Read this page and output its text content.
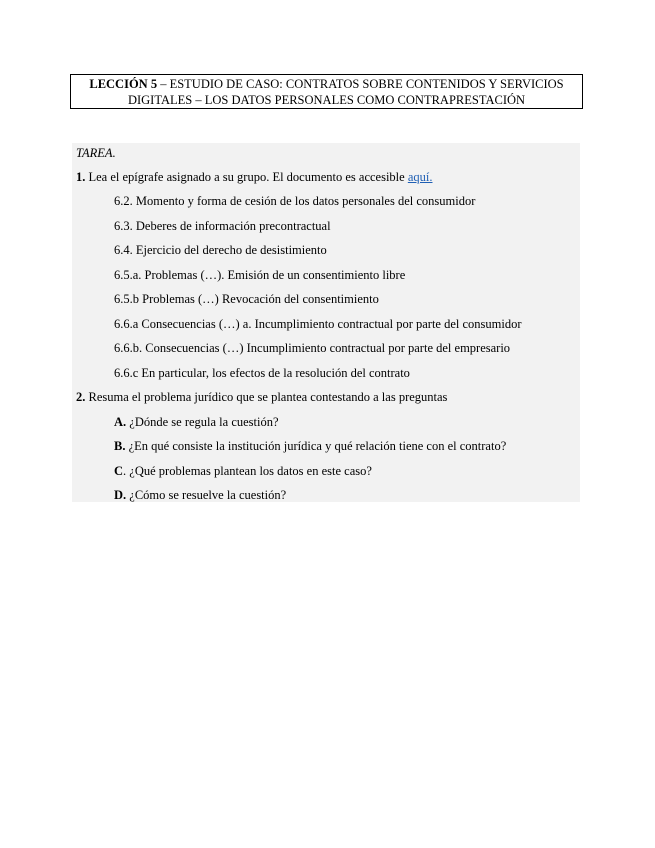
LECCIÓN 5 – ESTUDIO DE CASO: CONTRATOS SOBRE CONTENIDOS Y SERVICIOS
DIGITALES – LOS DATOS PERSONALES COMO CONTRAPRESTACIÓN
TAREA.
1. Lea el epígrafe asignado a su grupo. El documento es accesible aquí.
6.2. Momento y forma de cesión de los datos personales del consumidor
6.3. Deberes de información precontractual
6.4. Ejercicio del derecho de desistimiento
6.5.a. Problemas (…). Emisión de un consentimiento libre
6.5.b Problemas (…) Revocación del consentimiento
6.6.a Consecuencias (…) a. Incumplimiento contractual por parte del consumidor
6.6.b. Consecuencias (…) Incumplimiento contractual por parte del empresario
6.6.c En particular, los efectos de la resolución del contrato
2. Resuma el problema jurídico que se plantea contestando a las preguntas
A. ¿Dónde se regula la cuestión?
B. ¿En qué consiste la institución jurídica y qué relación tiene con el contrato?
C. ¿Qué problemas plantean los datos en este caso?
D. ¿Cómo se resuelve la cuestión?
